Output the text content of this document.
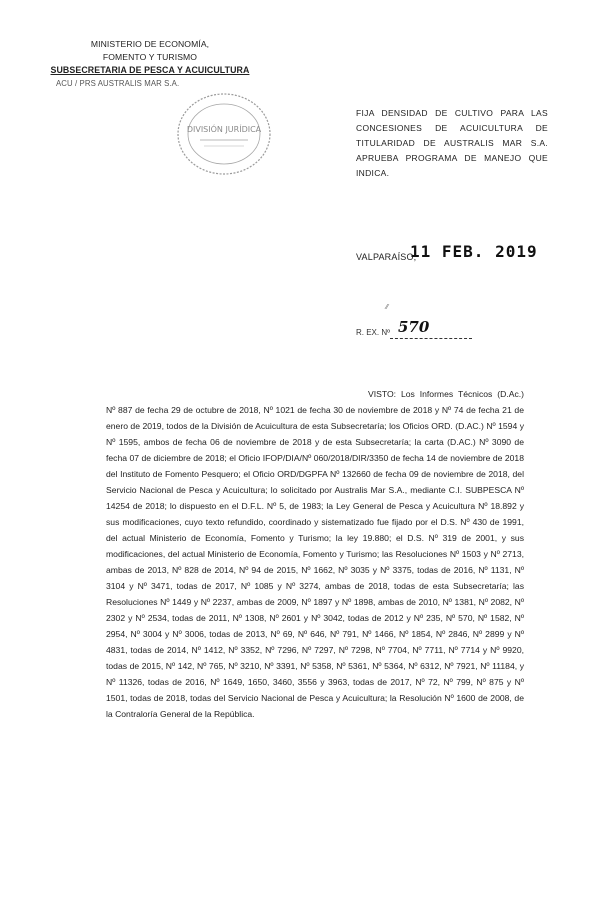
MINISTERIO DE ECONOMÍA,
FOMENTO Y TURISMO
SUBSECRETARIA DE PESCA Y ACUICULTURA
ACU / PRS AUSTRALIS MAR S.A.
DIVISIÓN JURÍDICA
FIJA DENSIDAD DE CULTIVO PARA LAS CONCESIONES DE ACUICULTURA DE TITULARIDAD DE AUSTRALIS MAR S.A. APRUEBA PROGRAMA DE MANEJO QUE INDICA.
VALPARAÍSO,
11 FEB. 2019
⁄⁄
R. EX. Nº 570

VISTO: Los Informes Técnicos (D.Ac.) Nº 887 de fecha 29 de octubre de 2018, Nº 1021 de fecha 30 de noviembre de 2018 y Nº 74 de fecha 21 de enero de 2019, todos de la División de Acuicultura de esta Subsecretaría; los Oficios ORD. (D.AC.) Nº 1594 y Nº 1595, ambos de fecha 06 de noviembre de 2018 y de esta Subsecretaría; la carta (D.AC.) Nº 3090 de fecha 07 de diciembre de 2018; el Oficio IFOP/DIA/Nº 060/2018/DIR/3350 de fecha 14 de noviembre de 2018 del Instituto de Fomento Pesquero; el Oficio ORD/DGPFA Nº 132660 de fecha 09 de noviembre de 2018, del Servicio Nacional de Pesca y Acuicultura; lo solicitado por Australis Mar S.A., mediante C.I. SUBPESCA Nº 14254 de 2018; lo dispuesto en el D.F.L. Nº 5, de 1983; la Ley General de Pesca y Acuicultura Nº 18.892 y sus modificaciones, cuyo texto refundido, coordinado y sistematizado fue fijado por el D.S. Nº 430 de 1991, del actual Ministerio de Economía, Fomento y Turismo; la ley 19.880; el D.S. Nº 319 de 2001, y sus modificaciones, del actual Ministerio de Economía, Fomento y Turismo; las Resoluciones Nº 1503 y Nº 2713, ambas de 2013, Nº 828 de 2014, Nº 94 de 2015, Nº 1662, Nº 3035 y Nº 3375, todas de 2016, Nº 1131, Nº 3104 y Nº 3471, todas de 2017, Nº 1085 y Nº 3274, ambas de 2018, todas de esta Subsecretaría; las Resoluciones Nº 1449 y Nº 2237, ambas de 2009, Nº 1897 y Nº 1898, ambas de 2010, Nº 1381, Nº 2082, Nº 2302 y Nº 2534, todas de 2011, Nº 1308, Nº 2601 y Nº 3042, todas de 2012 y Nº 235, Nº 570, Nº 1582, Nº 2954, Nº 3004 y Nº 3006, todas de 2013, Nº 69, Nº 646, Nº 791, Nº 1466, Nº 1854, Nº 2846, Nº 2899 y Nº 4831, todas de 2014, Nº 1412, Nº 3352, Nº 7296, Nº 7297, Nº 7298, Nº 7704, Nº 7711, Nº 7714 y Nº 9920, todas de 2015, Nº 142, Nº 765, Nº 3210, Nº 3391, Nº 5358, Nº 5361, Nº 5364, Nº 6312, Nº 7921, Nº 11184, y Nº 11326, todas de 2016, Nº 1649, 1650, 3460, 3556 y 3963, todas de 2017, Nº 72, Nº 799, Nº 875 y Nº 1501, todas de 2018, todas del Servicio Nacional de Pesca y Acuicultura; la Resolución Nº 1600 de 2008, de la Contraloría General de la República.
